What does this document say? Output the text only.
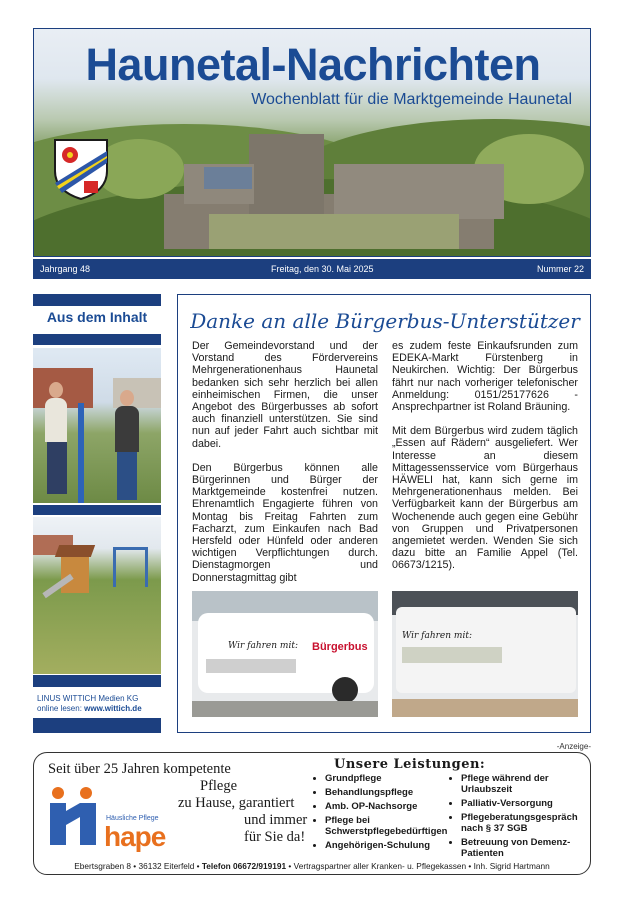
Haunetal-Nachrichten
Wochenblatt für die Marktgemeinde Haunetal
Jahrgang 48	Freitag, den 30. Mai 2025	Nummer 22
Aus dem Inhalt
LINUS WITTICH Medien KG
online lesen: www.wittich.de
Danke an alle Bürgerbus-Unterstützer

Der Gemeindevorstand und der Vorstand des Fördervereins Mehrgenerationenhaus Haunetal bedanken sich sehr herzlich bei allen einheimischen Firmen, die unser Angebot des Bürgerbusses ab sofort auch finanziell unterstützen. Sie sind nun auf jeder Fahrt auch sichtbar mit dabei.

Den Bürgerbus können alle Bürgerinnen und Bürger der Marktgemeinde kostenfrei nutzen. Ehrenamtlich Engagierte führen von Montag bis Freitag Fahrten zum Facharzt, zum Einkaufen nach Bad Hersfeld oder Hünfeld oder anderen wichtigen Verpflichtungen durch. Dienstagmorgen und Donnerstagmittag gibt

es zudem feste Einkaufsrunden zum EDEKA-Markt Fürstenberg in Neukirchen. Wichtig: Der Bürgerbus fährt nur nach vorheriger telefonischer Anmeldung: 0151/25177626 - Ansprechpartner ist Roland Bräuning.

Mit dem Bürgerbus wird zudem täglich „Essen auf Rädern“ ausgeliefert. Wer Interesse an diesem Mittagessensservice vom Bürgerhaus HÄWELI hat, kann sich gerne im Mehrgenerationenhaus melden. Bei Verfügbarkeit kann der Bürgerbus am Wochenende auch gegen eine Gebühr von Gruppen und Privatpersonen angemietet werden. Wenden Sie sich dazu bitte an Familie Appel (Tel. 06673/1215).

Wir fahren mit: Bürgerbus
Wir fahren mit:
-Anzeige-
Seit über 25 Jahren kompetente
Pflege
zu Hause, garantiert
und immer
für Sie da!
Häusliche Pflege
hape
Unsere Leistungen:
• Grundpflege
• Behandlungspflege
• Amb. OP-Nachsorge
• Pflege bei Schwerstpflegebedürftigen
• Angehörigen-Schulung
• Pflege während der Urlaubszeit
• Palliativ-Versorgung
• Pflegeberatungsgespräch nach § 37 SGB
• Betreuung von Demenz-Patienten
Ebertsgraben 8 • 36132 Eiterfeld • Telefon 06672/919191 • Vertragspartner aller Kranken- u. Pflegekassen • Inh. Sigrid Hartmann
